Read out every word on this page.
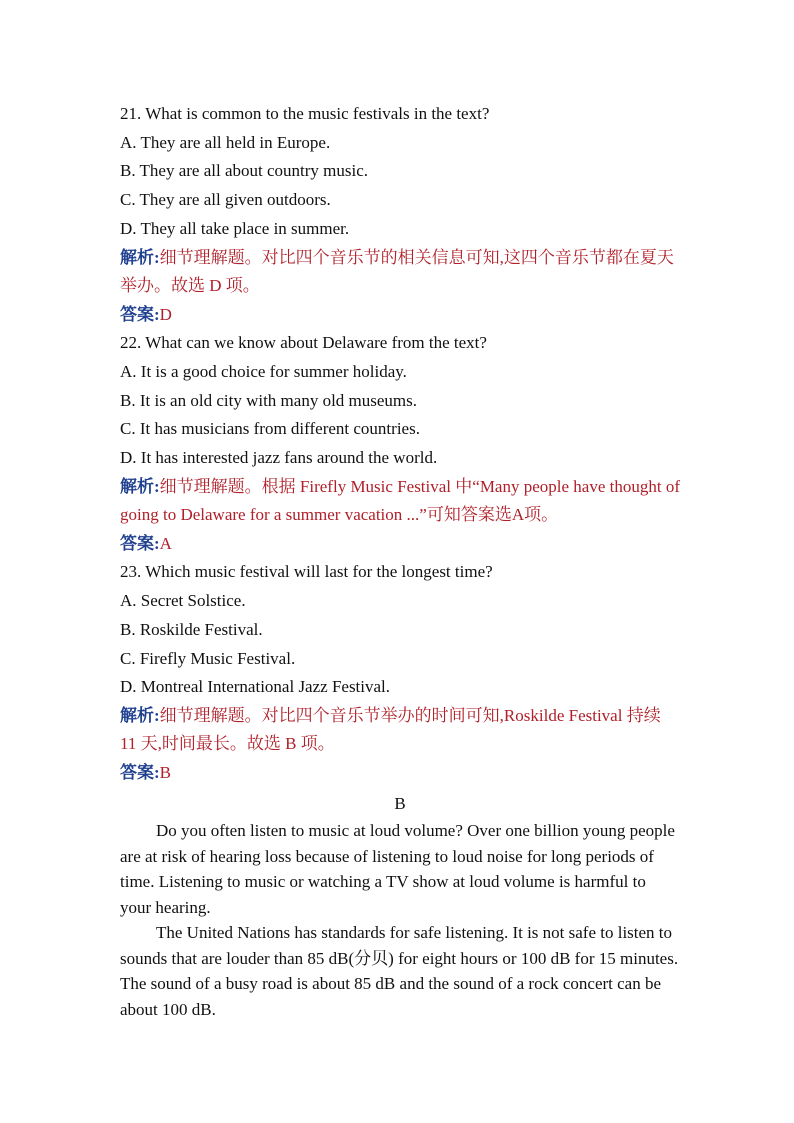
21. What is common to the music festivals in the text?
A. They are all held in Europe.
B. They are all about country music.
C. They are all given outdoors.
D. They all take place in summer.
解析:细节理解题。对比四个音乐节的相关信息可知,这四个音乐节都在夏天举办。故选 D 项。
答案:D
22. What can we know about Delaware from the text?
A. It is a good choice for summer holiday.
B. It is an old city with many old museums.
C. It has musicians from different countries.
D. It has interested jazz fans around the world.
解析:细节理解题。根据 Firefly Music Festival 中“Many people have thought of going to Delaware for a summer vacation ...”可知答案选A项。
答案:A
23. Which music festival will last for the longest time?
A. Secret Solstice.
B. Roskilde Festival.
C. Firefly Music Festival.
D. Montreal International Jazz Festival.
解析:细节理解题。对比四个音乐节举办的时间可知,Roskilde Festival 持续 11 天,时间最长。故选 B 项。
答案:B
B

Do you often listen to music at loud volume? Over one billion young people are at risk of hearing loss because of listening to loud noise for long periods of time. Listening to music or watching a TV show at loud volume is harmful to your hearing.

The United Nations has standards for safe listening. It is not safe to listen to sounds that are louder than 85 dB(分贝) for eight hours or 100 dB for 15 minutes. The sound of a busy road is about 85 dB and the sound of a rock concert can be about 100 dB.
